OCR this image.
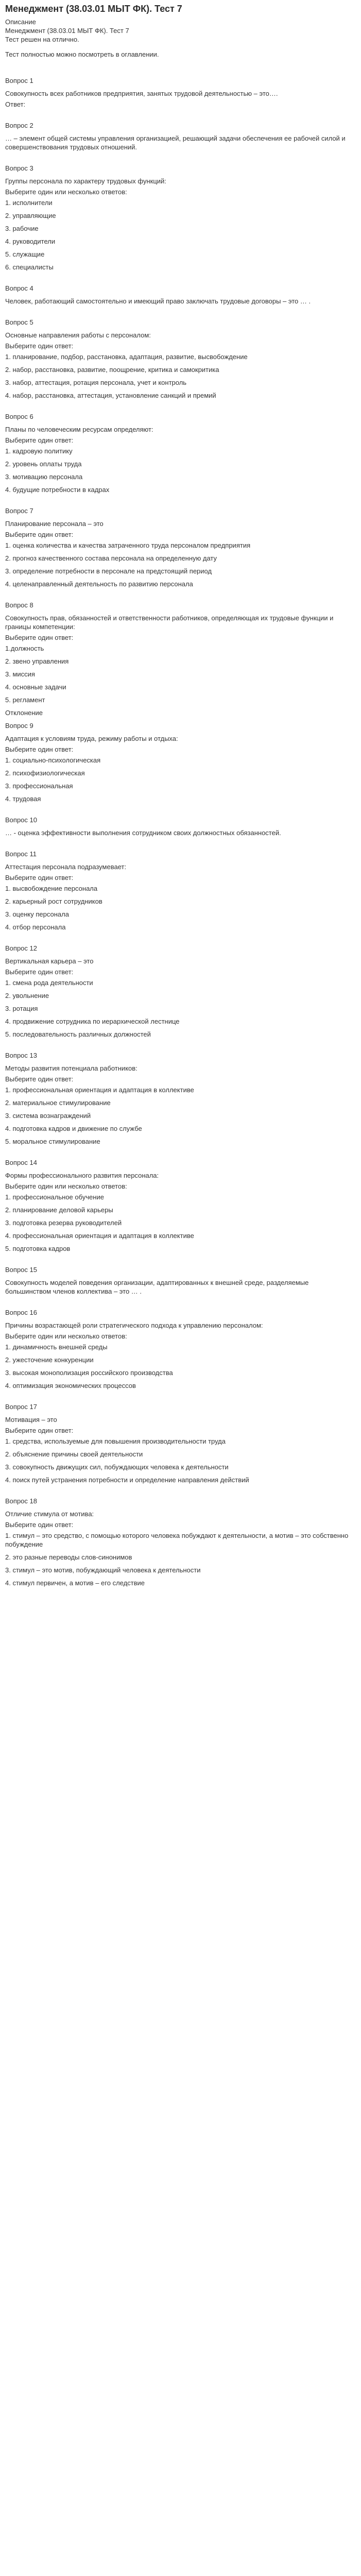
Менеджмент (38.03.01 МЫТ ФК). Тест 7

Описание

Менеджмент (38.03.01 МЫТ ФК). Тест 7

Тест решен на отлично.

Тест полностью можно посмотреть в оглавлении.

Вопрос 1

Совокупность всех работников предприятия, занятых трудовой деятельностью – это….

Ответ:

Вопрос 2

… – элемент общей системы управления организацией, решающий задачи обеспечения ее рабочей силой и совершенствования трудовых отношений.

Вопрос 3

Группы персонала по характеру трудовых функций:

Выберите один или несколько ответов:

1. исполнители
2. управляющие
3. рабочие
4. руководители
5. служащие
6. специалисты

Вопрос 4

Человек, работающий самостоятельно и имеющий право заключать трудовые договоры – это … .

Вопрос 5

Основные направления работы с персоналом:

Выберите один ответ:

1. планирование, подбор, расстановка, адаптация, развитие, высвобождение
2. набор, расстановка, развитие, поощрение, критика и самокритика
3. набор, аттестация, ротация персонала, учет и контроль
4. набор, расстановка, аттестация, установление санкций и премий

Вопрос 6

Планы по человеческим ресурсам определяют:

Выберите один ответ:

1. кадровую политику
2. уровень оплаты труда
3. мотивацию персонала
4. будущие потребности в кадрах

Вопрос 7

Планирование персонала – это

Выберите один ответ:

1. оценка количества и качества затраченного труда персоналом предприятия
2. прогноз качественного состава персонала на определенную дату
3. определение потребности в персонале на предстоящий период
4. целенаправленный деятельность по развитию персонала

Вопрос 8

Совокупность прав, обязанностей и ответственности работников, определяющая их трудовые функции и границы компетенции:

Выберите один ответ:

1.должность
2. звено управления
3. миссия
4. основные задачи
5. регламент
Отклонение

Вопрос 9

Адаптация к условиям труда, режиму работы и отдыха:

Выберите один ответ:

1. социально-психологическая
2. психофизиологическая
3. профессиональная
4. трудовая

Вопрос 10

… - оценка эффективности выполнения сотрудником своих должностных обязанностей.

Вопрос 11

Аттестация персонала подразумевает:

Выберите один ответ:

1. высвобождение персонала
2. карьерный рост сотрудников
3. оценку персонала
4. отбор персонала

Вопрос 12

Вертикальная карьера – это

Выберите один ответ:

1. смена рода деятельности
2. увольнение
3. ротация
4. продвижение сотрудника по иерархической лестнице
5. последовательность различных должностей

Вопрос 13

Методы развития потенциала работников:

Выберите один ответ:

1. профессиональная ориентация и адаптация в коллективе
2. материальное стимулирование
3. система вознаграждений
4. подготовка кадров и движение по службе
5. моральное стимулирование

Вопрос 14

Формы профессионального развития персонала:

Выберите один или несколько ответов:

1. профессиональное обучение
2. планирование деловой карьеры
3. подготовка резерва руководителей
4. профессиональная ориентация и адаптация в коллективе
5. подготовка кадров

Вопрос 15

Совокупность моделей поведения организации, адаптированных к внешней среде, разделяемые большинством членов коллектива – это … .

Вопрос 16

Причины возрастающей роли стратегического подхода к управлению персоналом:

Выберите один или несколько ответов:

1. динамичность внешней среды
2. ужесточение конкуренции
3. высокая монополизация российского производства
4. оптимизация экономических процессов

Вопрос 17

Мотивация – это

Выберите один ответ:

1. средства, используемые для повышения производительности труда
2. объяснение причины своей деятельности
3. совокупность движущих сил, побуждающих человека к деятельности
4. поиск путей устранения потребности и определение направления действий

Вопрос 18

Отличие стимула от мотива:

Выберите один ответ:

1. стимул – это средство, с помощью которого человека побуждают к деятельности, а мотив – это собственно побуждение
2. это разные переводы слов-синонимов
3. стимул – это мотив, побуждающий человека к деятельности
4. стимул первичен, а мотив – его следствие
